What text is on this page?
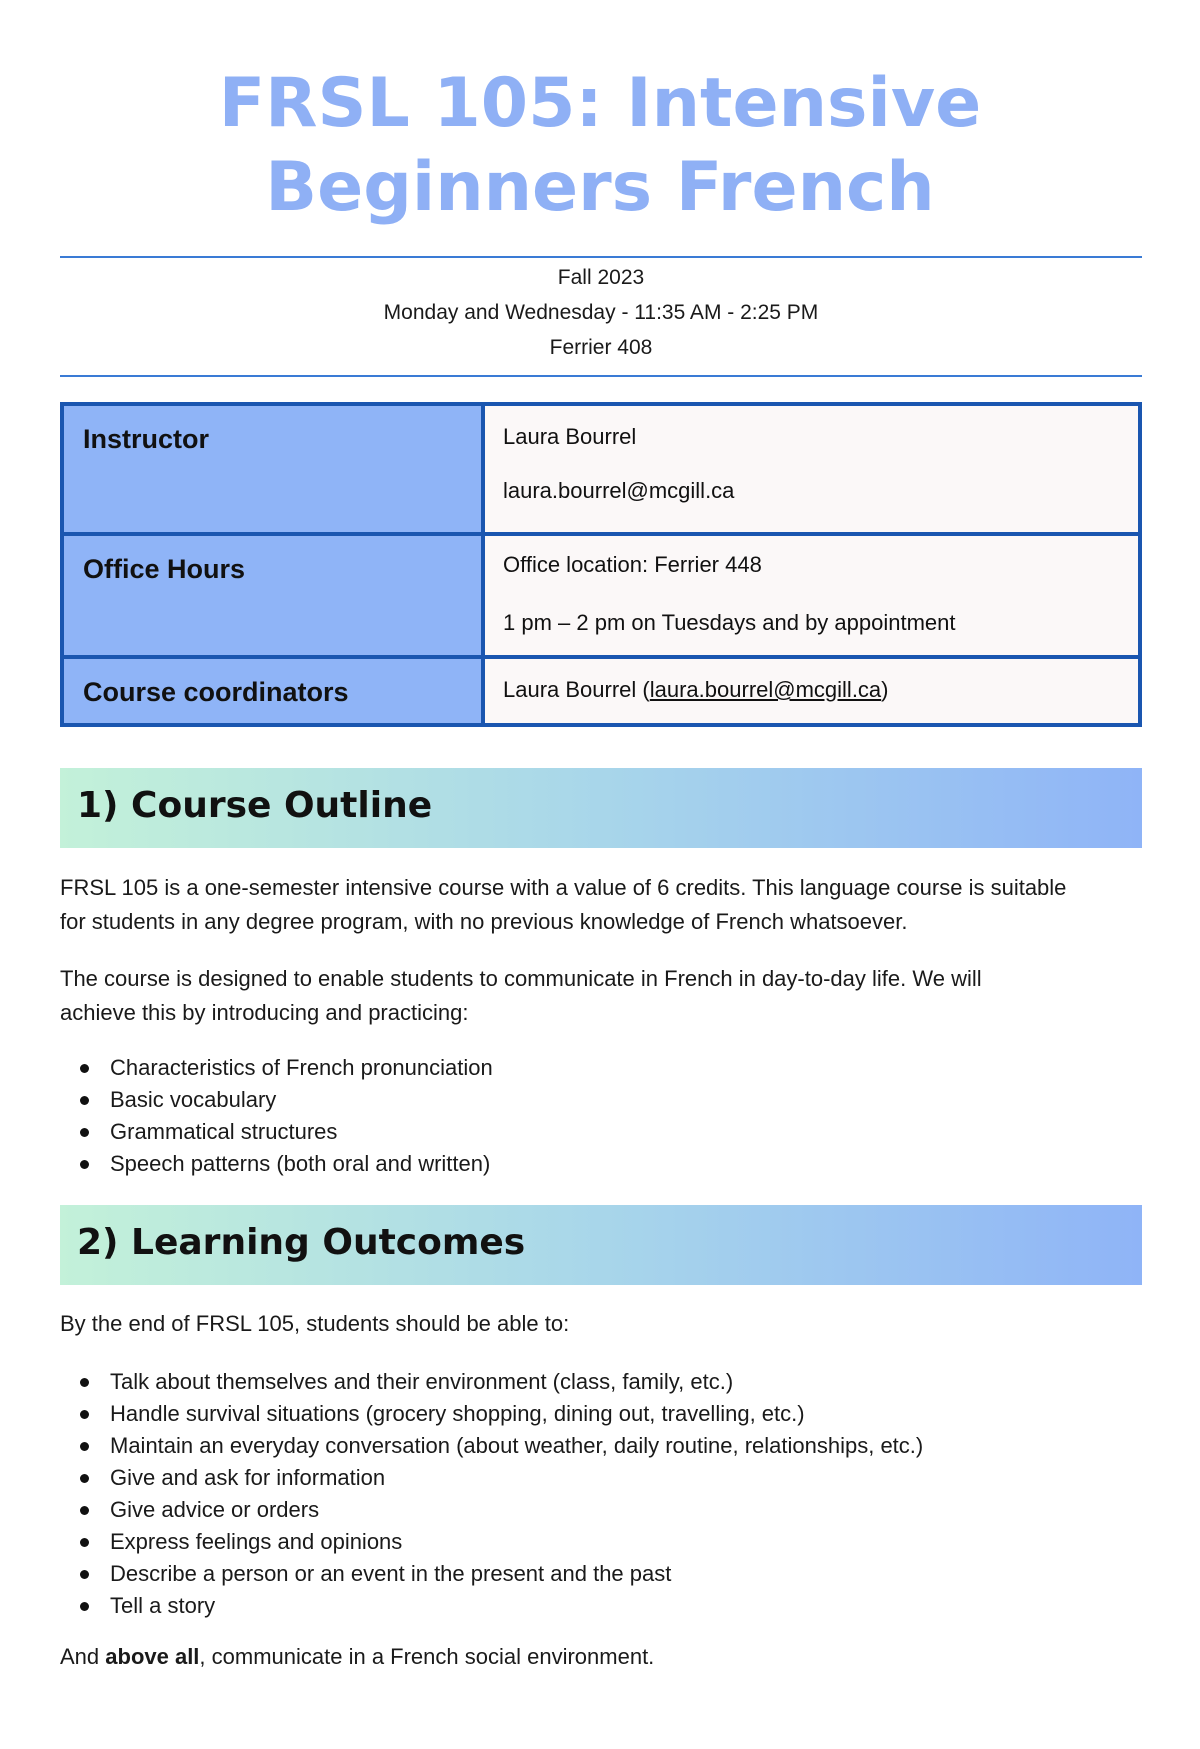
FRSL 105: Intensive
Beginners French
Fall 2023
Monday and Wednesday - 11:35 AM - 2:25 PM
Ferrier 408
Instructor	Laura Bourrel
laura.bourrel@mcgill.ca

Office Hours	Office location: Ferrier 448
1 pm – 2 pm on Tuesdays and by appointment

Course coordinators	Laura Bourrel (laura.bourrel@mcgill.ca)
1) Course Outline

FRSL 105 is a one-semester intensive course with a value of 6 credits. This language course is suitable
for students in any degree program, with no previous knowledge of French whatsoever.

The course is designed to enable students to communicate in French in day-to-day life. We will
achieve this by introducing and practicing:

Characteristics of French pronunciation
Basic vocabulary
Grammatical structures
Speech patterns (both oral and written)
2) Learning Outcomes

By the end of FRSL 105, students should be able to:

Talk about themselves and their environment (class, family, etc.)
Handle survival situations (grocery shopping, dining out, travelling, etc.)
Maintain an everyday conversation (about weather, daily routine, relationships, etc.)
Give and ask for information
Give advice or orders
Express feelings and opinions
Describe a person or an event in the present and the past
Tell a story

And above all, communicate in a French social environment.
